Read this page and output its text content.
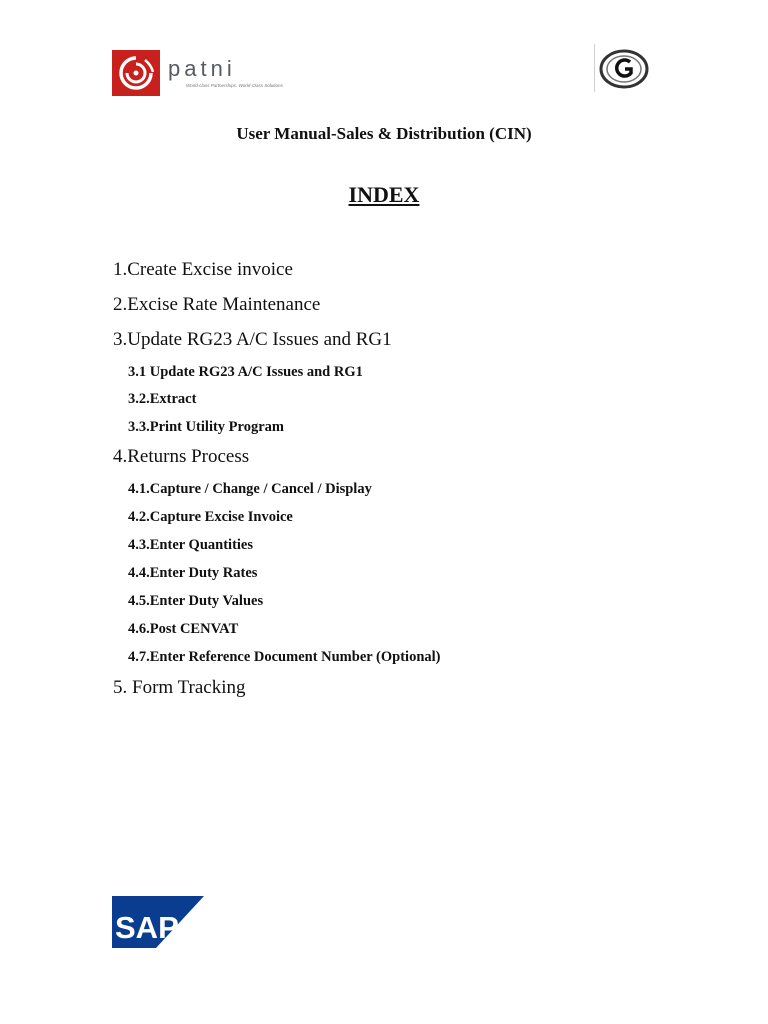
patni
World-class Partnerships. World-Class Solutions.
User Manual-Sales & Distribution (CIN)
INDEX
1.Create Excise invoice
2.Excise Rate Maintenance
3.Update RG23 A/C Issues and RG1
3.1 Update RG23 A/C Issues and RG1
3.2.Extract
3.3.Print Utility Program
4.Returns Process
4.1.Capture / Change / Cancel / Display
4.2.Capture Excise Invoice
4.3.Enter Quantities
4.4.Enter Duty Rates
4.5.Enter Duty Values
4.6.Post CENVAT
4.7.Enter Reference Document Number (Optional)
5. Form Tracking
SAP
